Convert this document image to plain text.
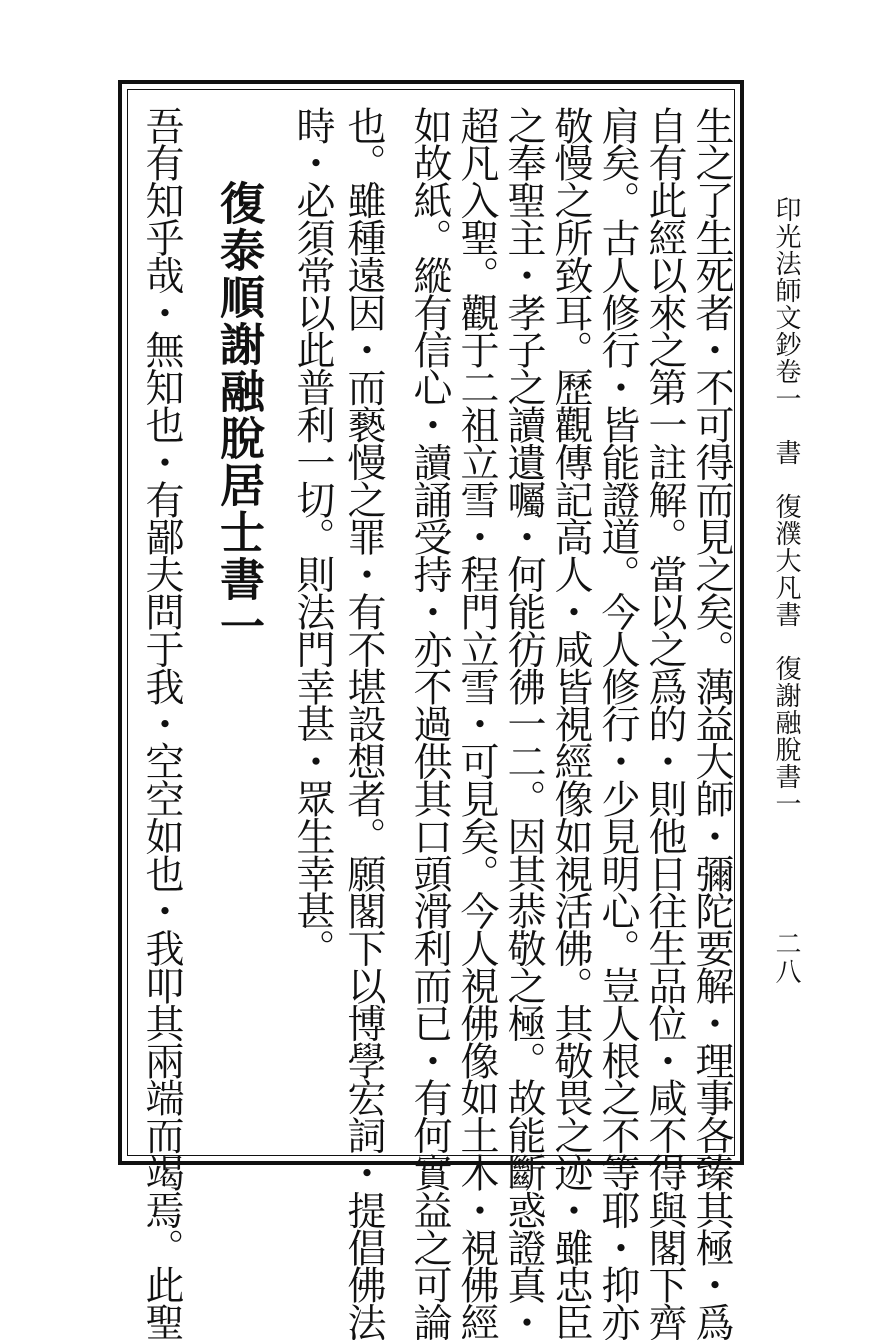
印光法師文鈔卷一　書　復濮大凡書　復謝融脫書一
二八
生之了生死者・不可得而見之矣。蕅益大師・彌陀要解・理事各臻其極・爲
自有此經以來之第一註解。當以之爲的・則他日往生品位・咸不得與閣下齊
肩矣。古人修行・皆能證道。今人修行・少見明心。豈人根之不等耶・抑亦
敬慢之所致耳。歷觀傳記高人・咸皆視經像如視活佛。其敬畏之迹・雖忠臣
之奉聖主・孝子之讀遺囑・何能彷彿一二。因其恭敬之極。故能斷惑證真・
超凡入聖。觀于二祖立雪・程門立雪・可見矣。今人視佛像如土木・視佛經
如故紙。縱有信心・讀誦受持・亦不過供其口頭滑利而已・有何實益之可論
也。雖種遠因・而褻慢之罪・有不堪設想者。願閣下以博學宏詞・提倡佛法
時・必須常以此普利一切。則法門幸甚・眾生幸甚。
復泰順謝融脫居士書一
吾有知乎哉・無知也・有鄙夫問于我・空空如也・我叩其兩端而竭焉。此聖
